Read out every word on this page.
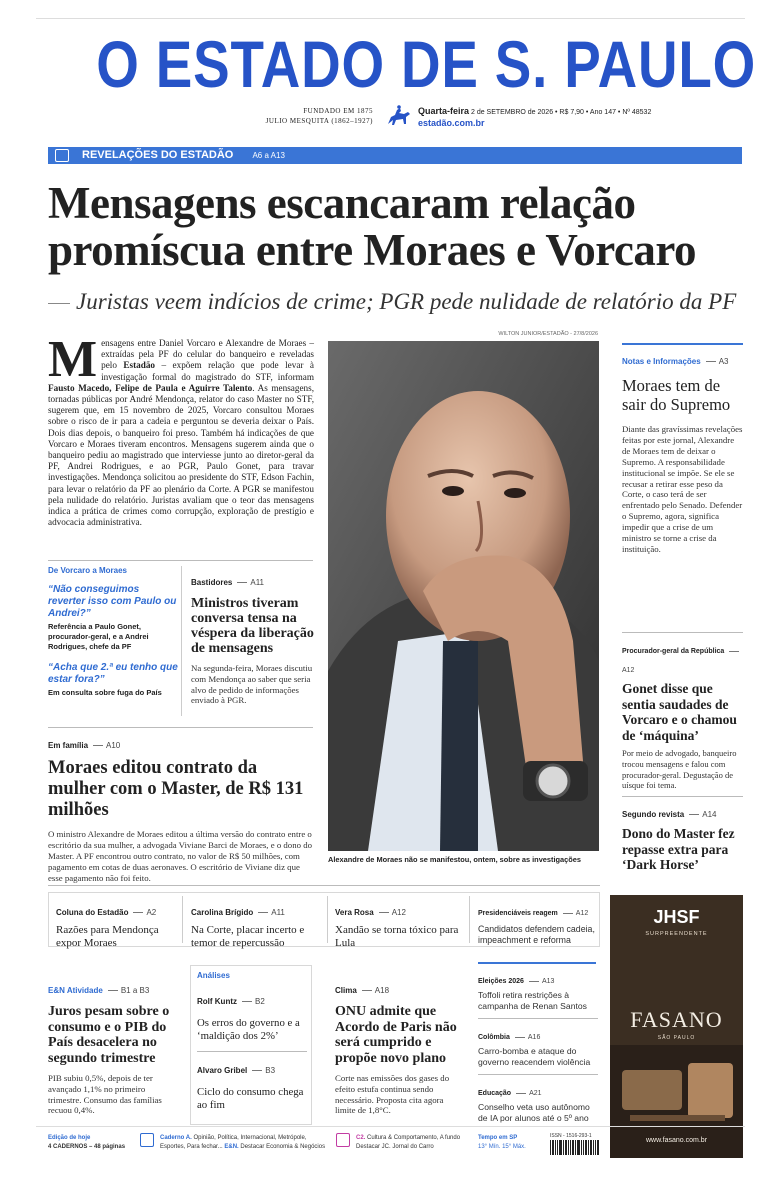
O ESTADO DE S. PAULO
FUNDADO EM 1875
JULIO MESQUITA (1862–1927)
Quarta-feira 2 de SETEMBRO de 2026 • R$ 7,90 • Ano 147 • Nº 48532
estadão.com.br
REVELAÇÕES DO ESTADÃO A6 a A13
Mensagens escancaram relação promíscua entre Moraes e Vorcaro
Juristas veem indícios de crime; PGR pede nulidade de relatório da PF
Mensagens entre Daniel Vorcaro e Alexandre de Moraes – extraídas pela PF do celular do banqueiro e reveladas pelo Estadão – expõem relação que pode levar à investigação formal do magistrado do STF, informam Fausto Macedo, Felipe de Paula e Aguirre Talento. As mensagens, tornadas públicas por André Mendonça, relator do caso Master no STF, sugerem que, em 15 novembro de 2025, Vorcaro consultou Moraes sobre o risco de ir para a cadeia e perguntou se deveria deixar o País. Dois dias depois, o banqueiro foi preso. Também há indicações de que Vorcaro e Moraes tiveram encontros. Mensagens sugerem ainda que o banqueiro pediu ao magistrado que interviesse junto ao diretor-geral da PF, Andrei Rodrigues, e ao PGR, Paulo Gonet, para travar investigações. Mendonça solicitou ao presidente do STF, Edson Fachin, para levar o relatório da PF ao plenário da Corte. A PGR se manifestou pela nulidade do relatório. Juristas avaliam que o teor das mensagens indica a prática de crimes como corrupção, exploração de prestígio e advocacia administrativa.
WILTON JUNIOR/ESTADÃO - 27/8/2026
Alexandre de Moraes não se manifestou, ontem, sobre as investigações
De Vorcaro a Moraes
“Não conseguimos reverter isso com Paulo ou Andrei?”
Referência a Paulo Gonet, procurador-geral, e a Andrei Rodrigues, chefe da PF
“Acha que 2.ª eu tenho que estar fora?”
Em consulta sobre fuga do País
Bastidores A11
Ministros tiveram conversa tensa na véspera da liberação de mensagens
Na segunda-feira, Moraes discutiu com Mendonça ao saber que seria alvo de pedido de informações enviado à PGR.
Em família A10
Moraes editou contrato da mulher com o Master, de R$ 131 milhões
O ministro Alexandre de Moraes editou a última versão do contrato entre o escritório da sua mulher, a advogada Viviane Barci de Moraes, e o dono do Master. A PF encontrou outro contrato, no valor de R$ 50 milhões, com pagamento em cotas de duas aeronaves. O escritório de Viviane diz que esse pagamento não foi feito.
Notas e Informações A3
Moraes tem de sair do Supremo
Diante das gravíssimas revelações feitas por este jornal, Alexandre de Moraes tem de deixar o Supremo. A responsabilidade institucional se impõe. Se ele se recusar a retirar esse peso da Corte, o caso terá de ser enfrentado pelo Senado. Defender o Supremo, agora, significa impedir que a crise de um ministro se torne a crise da instituição.
Procurador-geral da RepúblicaA12
Gonet disse que sentia saudades de Vorcaro e o chamou de ‘máquina’
Por meio de advogado, banqueiro trocou mensagens e falou com procurador-geral. Degustação de uísque foi tema.
Segundo revista A14
Dono do Master fez repasse extra para ‘Dark Horse’
Coluna do Estadão A2
Razões para Mendonça expor Moraes
Carolina Brígido A11
Na Corte, placar incerto e temor de repercussão
Vera Rosa A12
Xandão se torna tóxico para Lula
Presidenciáveis reagem	A12
Candidatos defendem cadeia, impeachment e reforma
E&N Atividade B1 a B3
Juros pesam sobre o consumo e o PIB do País desacelera no segundo trimestre
PIB subiu 0,5%, depois de ter avançado 1,1% no primeiro trimestre. Consumo das famílias recuou 0,4%.
Análises
Rolf Kuntz B2
Os erros do governo e a ‘maldição dos 2%’
Alvaro Gribel B3
Ciclo do consumo chega ao fim
Clima A18
ONU admite que Acordo de Paris não será cumprido e propõe novo plano
Corte nas emissões dos gases do efeito estufa continua sendo necessário. Proposta cita agora limite de 1,8°C.
Eleições 2026	A13
Toffoli retira restrições à campanha de Renan Santos
Colômbia	A16
Carro-bomba e ataque do governo reacendem violência
Educação	A21
Conselho veta uso autônomo de IA por alunos até o 5º ano
JHSF
SURPREENDENTE
FASANO
SÃO PAULO
www.fasano.com.br
Edição de hoje
4 CADERNOS – 48 páginas
Caderno A. Opinião, Política, Internacional, Metrópole, Esportes, Para fechar... E&N. Destacar Economia & Negócios
C2. Cultura & Comportamento, A fundo
Destacar JC. Jornal do Carro
Tempo em SP
13° Mín. 15° Máx.
ISSN - 1516-293-1
